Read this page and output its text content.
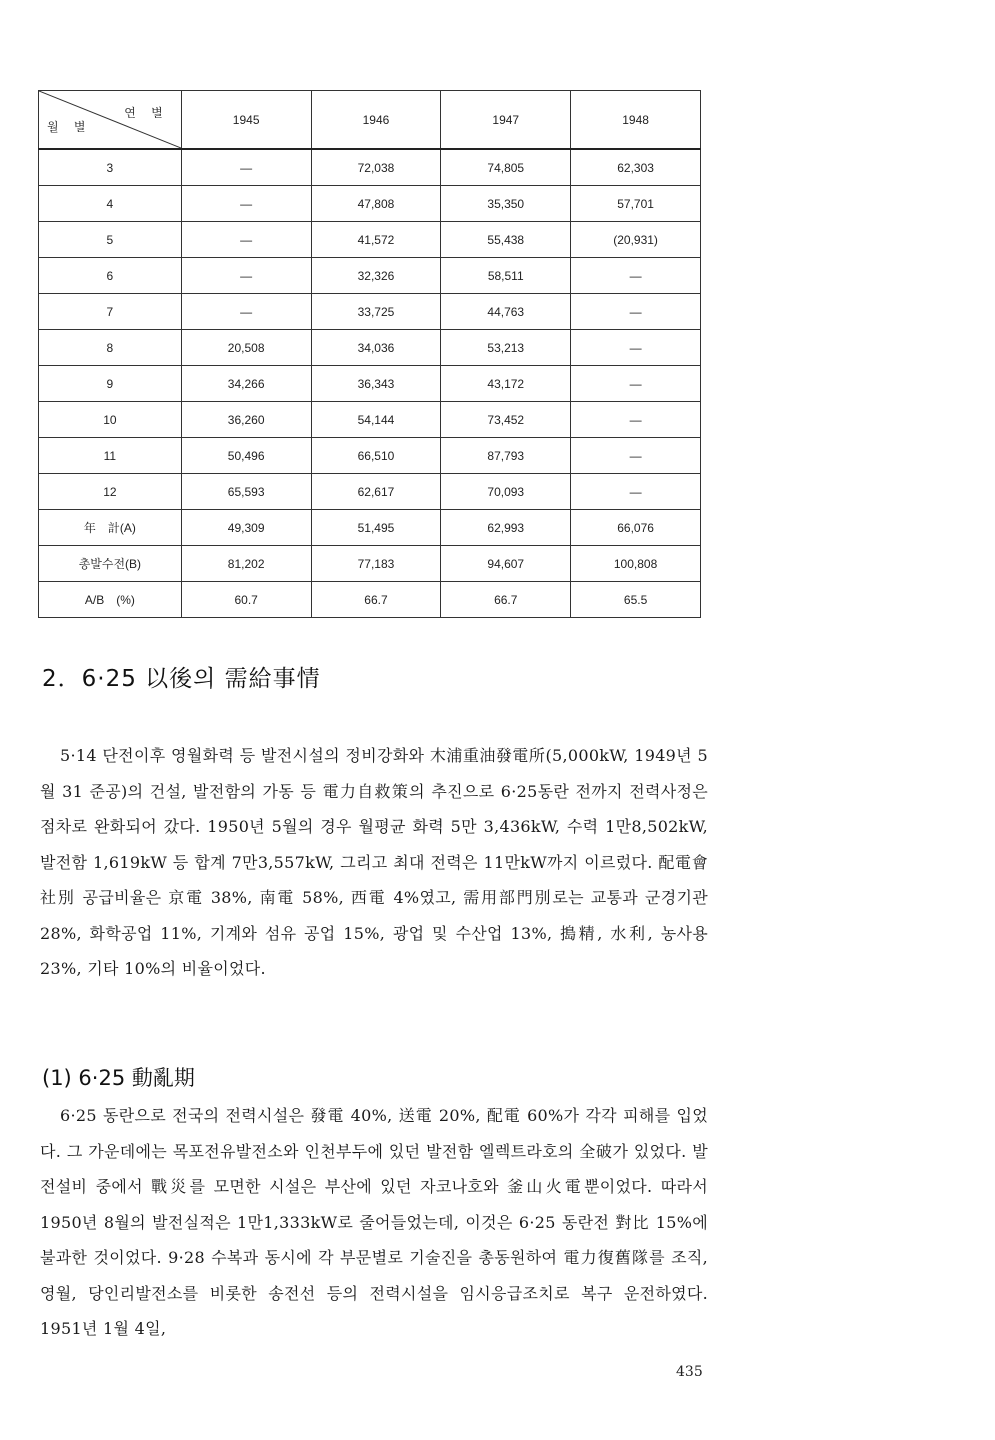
연 별
월 별	1945	1946	1947	1948
3	—	72,038	74,805	62,303
4	—	47,808	35,350	57,701
5	—	41,572	55,438	(20,931)
6	—	32,326	58,511	—
7	—	33,725	44,763	—
8	20,508	34,036	53,213	—
9	34,266	36,343	43,172	—
10	36,260	54,144	73,452	—
11	50,496	66,510	87,793	—
12	65,593	62,617	70,093	—
年　計(A)	49,309	51,495	62,993	66,076
총발수전(B)	81,202	77,183	94,607	100,808
A/B　(%)	60.7	66.7	66.7	65.5
2．6·25 以後의 需給事情

5·14 단전이후 영월화력 등 발전시설의 정비강화와 木浦重油發電所(5,000kW, 1949년 5월 31 준공)의 건설, 발전함의 가동 등 電力自救策의 추진으로 6·25동란 전까지 전력사정은 점차로 완화되어 갔다. 1950년 5월의 경우 월평균 화력 5만 3,436kW, 수력 1만8,502kW, 발전함 1,619kW 등 합계 7만3,557kW, 그리고 최대 전력은 11만kW까지 이르렀다. 配電會社別 공급비율은 京電 38%, 南電 58%, 西電 4%였고, 需用部門別로는 교통과 군경기관 28%, 화학공업 11%, 기계와 섬유 공업 15%, 광업 및 수산업 13%, 搗精, 水利, 농사용 23%, 기타 10%의 비율이었다.

(1) 6·25 動亂期

6·25 동란으로 전국의 전력시설은 發電 40%, 送電 20%, 配電 60%가 각각 피해를 입었다. 그 가운데에는 목포전유발전소와 인천부두에 있던 발전함 엘렉트라호의 全破가 있었다. 발전설비 중에서 戰災를 모면한 시설은 부산에 있던 자코나호와 釜山火電뿐이었다. 따라서 1950년 8월의 발전실적은 1만1,333kW로 줄어들었는데, 이것은 6·25 동란전 對比 15%에 불과한 것이었다. 9·28 수복과 동시에 각 부문별로 기술진을 총동원하여 電力復舊隊를 조직, 영월, 당인리발전소를 비롯한 송전선 등의 전력시설을 임시응급조치로 복구 운전하였다. 1951년 1월 4일,

435
